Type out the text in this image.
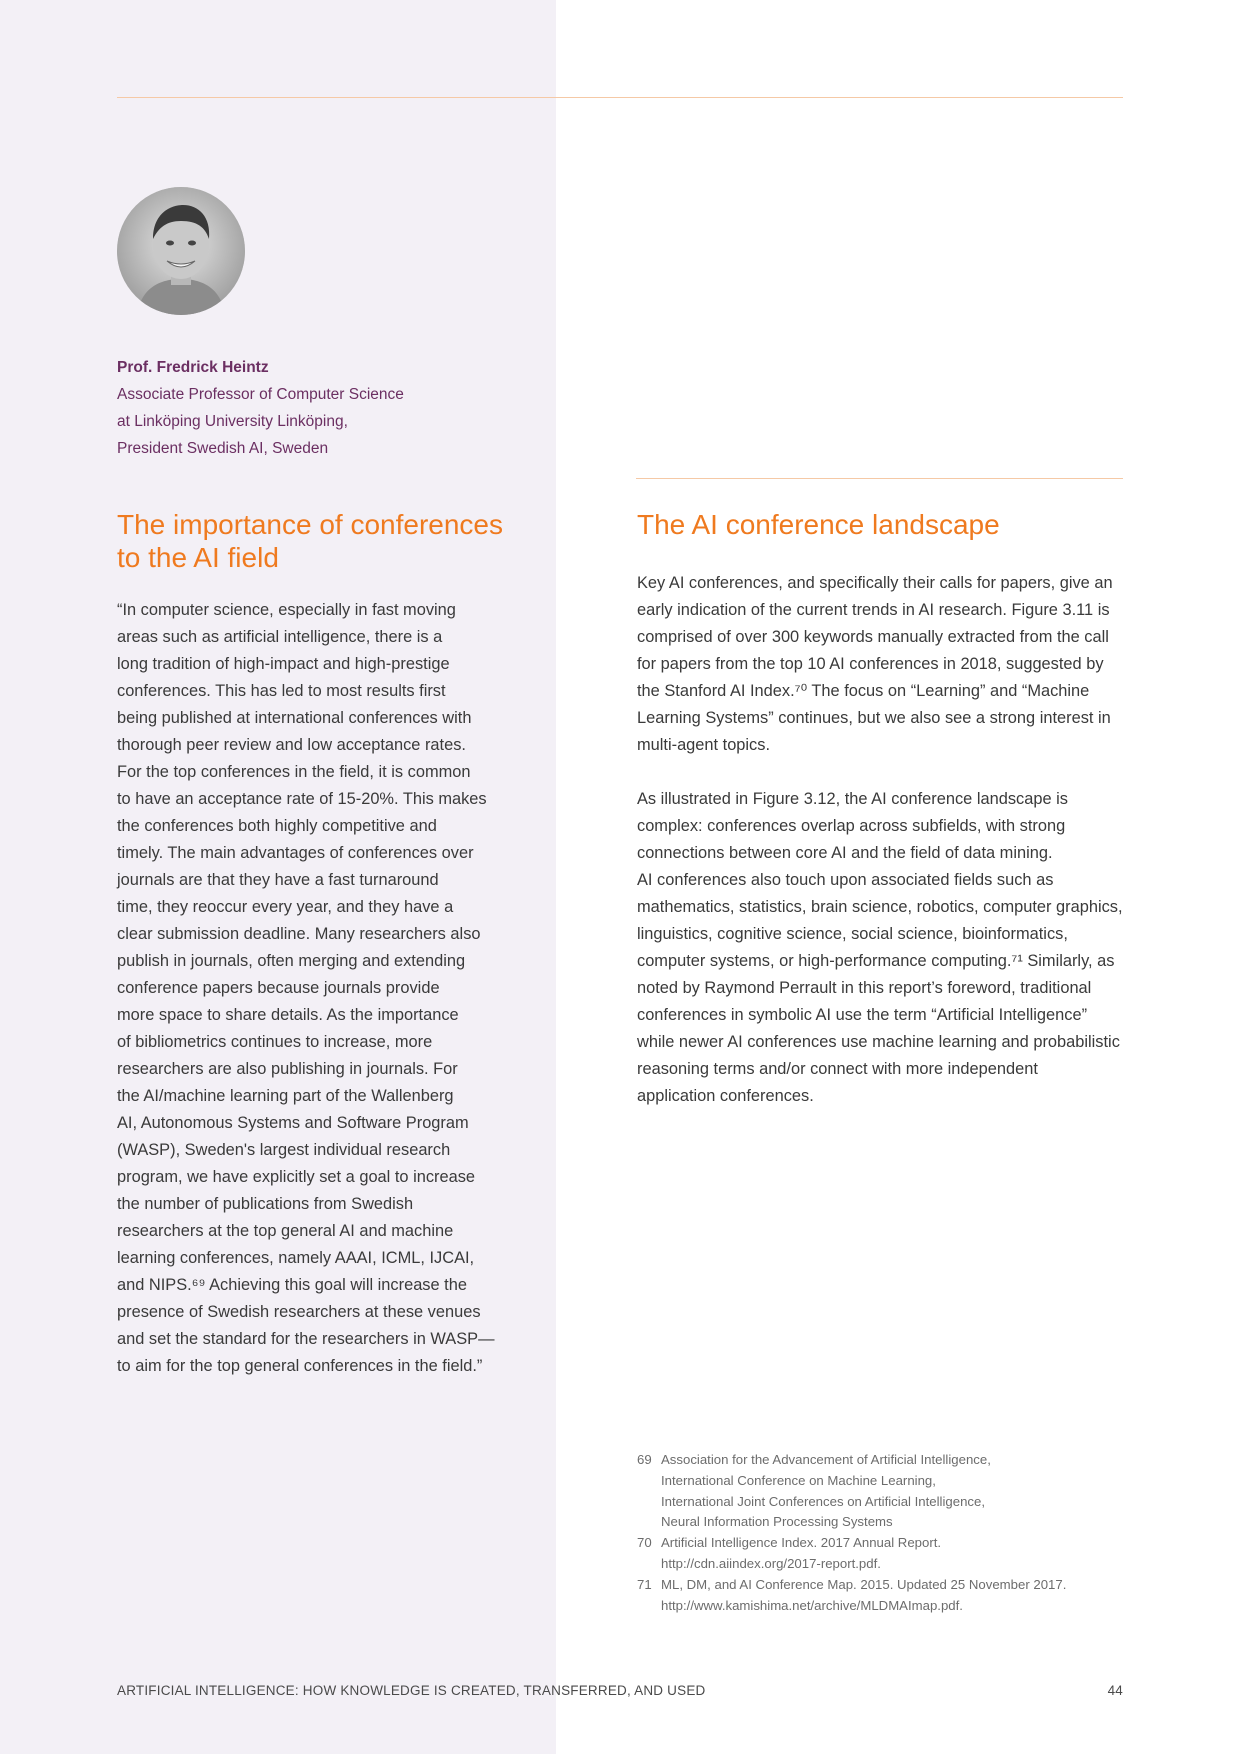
Prof. Fredrick Heintz
Associate Professor of Computer Science
at Linköping University Linköping,
President Swedish AI, Sweden
The importance of conferences
to the AI field
“In computer science, especially in fast moving
areas such as artificial intelligence, there is a
long tradition of high-impact and high-prestige
conferences. This has led to most results first
being published at international conferences with
thorough peer review and low acceptance rates.
For the top conferences in the field, it is common
to have an acceptance rate of 15-20%. This makes
the conferences both highly competitive and
timely. The main advantages of conferences over
journals are that they have a fast turnaround
time, they reoccur every year, and they have a
clear submission deadline. Many researchers also
publish in journals, often merging and extending
conference papers because journals provide
more space to share details. As the importance
of bibliometrics continues to increase, more
researchers are also publishing in journals. For
the AI/machine learning part of the Wallenberg
AI, Autonomous Systems and Software Program
(WASP), Sweden's largest individual research
program, we have explicitly set a goal to increase
the number of publications from Swedish
researchers at the top general AI and machine
learning conferences, namely AAAI, ICML, IJCAI,
and NIPS.⁶⁹ Achieving this goal will increase the
presence of Swedish researchers at these venues
and set the standard for the researchers in WASP—
to aim for the top general conferences in the field.”
The AI conference landscape

Key AI conferences, and specifically their calls for papers, give an
early indication of the current trends in AI research. Figure 3.11 is
comprised of over 300 keywords manually extracted from the call
for papers from the top 10 AI conferences in 2018, suggested by
the Stanford AI Index.⁷⁰ The focus on “Learning” and “Machine
Learning Systems” continues, but we also see a strong interest in
multi-agent topics.

As illustrated in Figure 3.12, the AI conference landscape is
complex: conferences overlap across subfields, with strong
connections between core AI and the field of data mining.
AI conferences also touch upon associated fields such as
mathematics, statistics, brain science, robotics, computer graphics,
linguistics, cognitive science, social science, bioinformatics,
computer systems, or high-performance computing.⁷¹ Similarly, as
noted by Raymond Perrault in this report’s foreword, traditional
conferences in symbolic AI use the term “Artificial Intelligence”
while newer AI conferences use machine learning and probabilistic
reasoning terms and/or connect with more independent
application conferences.

69 Association for the Advancement of Artificial Intelligence,
International Conference on Machine Learning,
International Joint Conferences on Artificial Intelligence,
Neural Information Processing Systems
70 Artificial Intelligence Index. 2017 Annual Report.
http://cdn.aiindex.org/2017-report.pdf.
71 ML, DM, and AI Conference Map. 2015. Updated 25 November 2017.
http://www.kamishima.net/archive/MLDMAImap.pdf.
ARTIFICIAL INTELLIGENCE: HOW KNOWLEDGE IS CREATED, TRANSFERRED, AND USED	44
